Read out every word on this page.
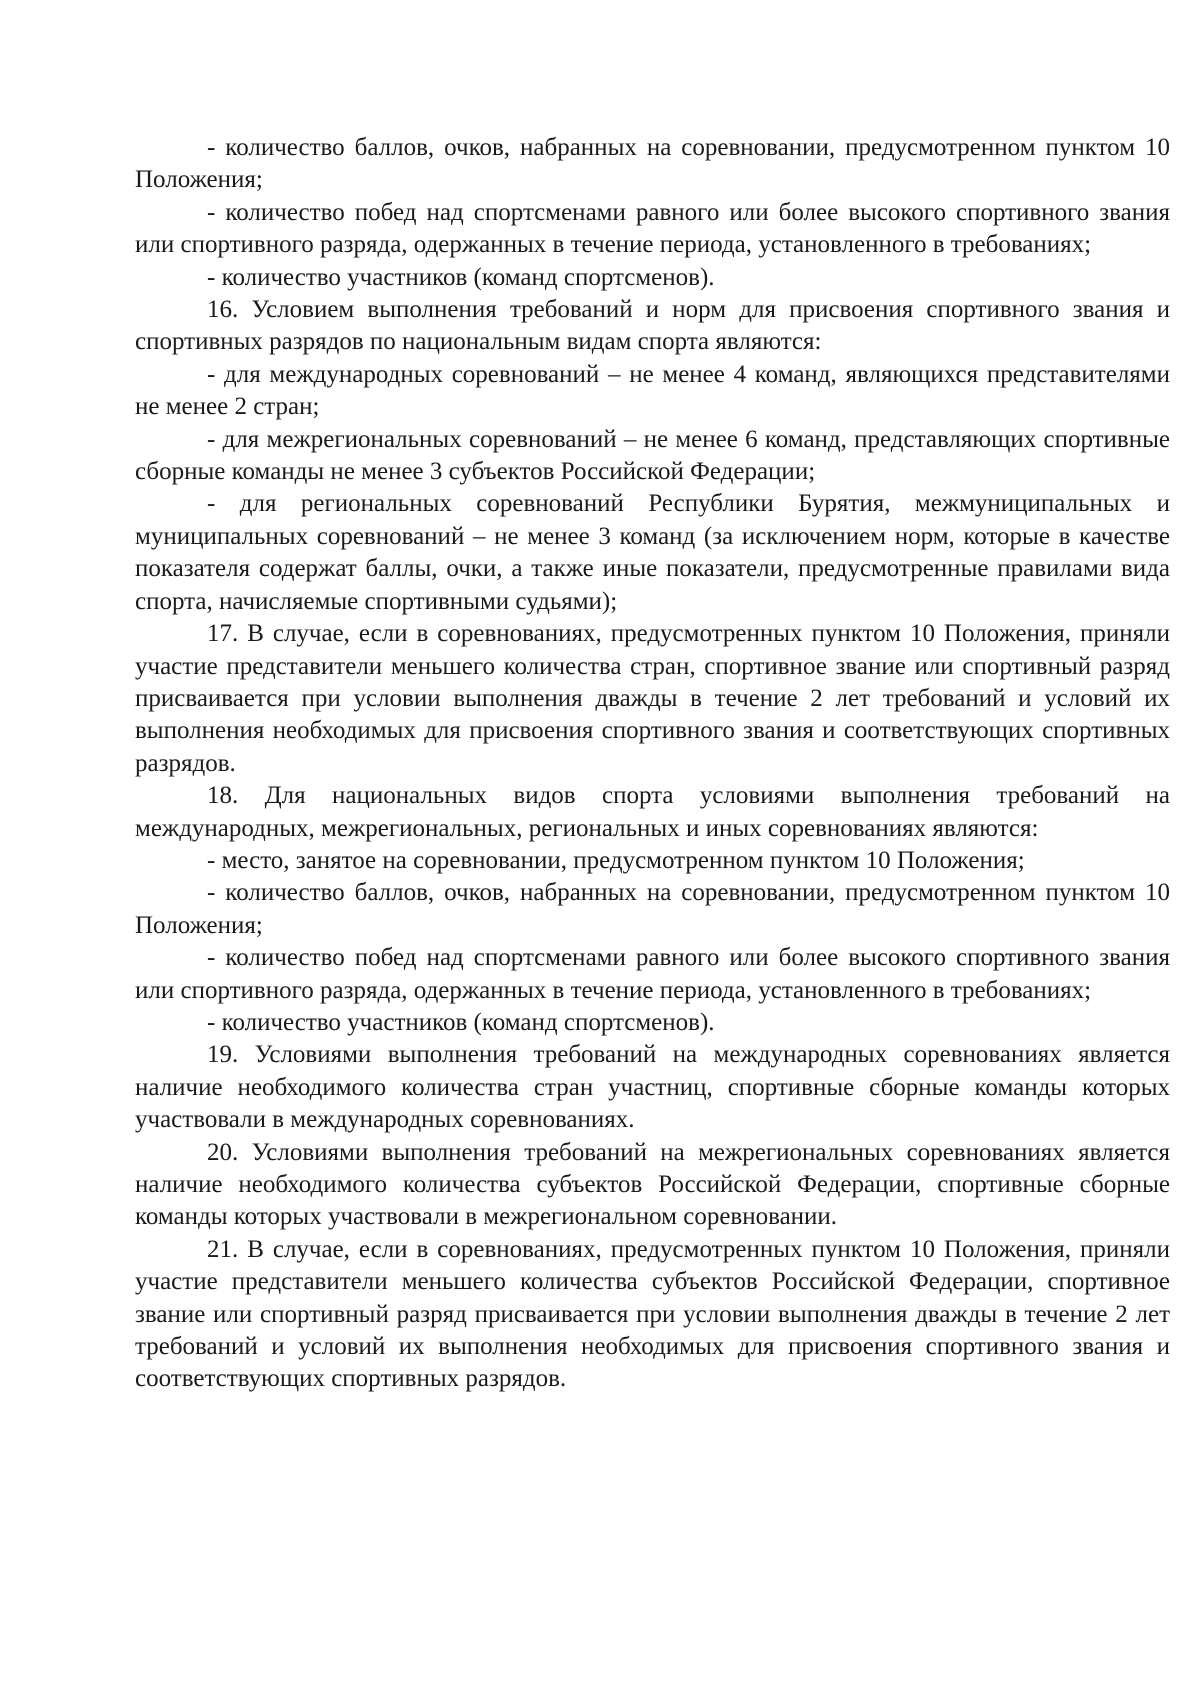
- количество баллов, очков, набранных на соревновании, предусмотренном пунктом 10 Положения;

- количество побед над спортсменами равного или более высокого спортивного звания или спортивного разряда, одержанных в течение периода, установленного в требованиях;

- количество участников (команд спортсменов).

16. Условием выполнения требований и норм для присвоения спортивного звания и спортивных разрядов по национальным видам спорта являются:

- для международных соревнований – не менее 4 команд, являющихся представителями не менее 2 стран;

- для межрегиональных соревнований – не менее 6 команд, представляющих спортивные сборные команды не менее 3 субъектов Российской Федерации;

- для региональных соревнований Республики Бурятия, межмуниципальных и муниципальных соревнований – не менее 3 команд (за исключением норм, которые в качестве показателя содержат баллы, очки, а также иные показатели, предусмотренные правилами вида спорта, начисляемые спортивными судьями);

17. В случае, если в соревнованиях, предусмотренных пунктом 10 Положения, приняли участие представители меньшего количества стран, спортивное звание или спортивный разряд присваивается при условии выполнения дважды в течение 2 лет требований и условий их выполнения необходимых для присвоения спортивного звания и соответствующих спортивных разрядов.

18. Для национальных видов спорта условиями выполнения требований на международных, межрегиональных, региональных и иных соревнованиях являются:

- место, занятое на соревновании, предусмотренном пунктом 10 Положения;

- количество баллов, очков, набранных на соревновании, предусмотренном пунктом 10 Положения;

- количество побед над спортсменами равного или более высокого спортивного звания или спортивного разряда, одержанных в течение периода, установленного в требованиях;

- количество участников (команд спортсменов).

19. Условиями выполнения требований на международных соревнованиях является наличие необходимого количества стран участниц, спортивные сборные команды которых участвовали в международных соревнованиях.

20. Условиями выполнения требований на межрегиональных соревнованиях является наличие необходимого количества субъектов Российской Федерации, спортивные сборные команды которых участвовали в межрегиональном соревновании.

21. В случае, если в соревнованиях, предусмотренных пунктом 10 Положения, приняли участие представители меньшего количества субъектов Российской Федерации, спортивное звание или спортивный разряд присваивается при условии выполнения дважды в течение 2 лет требований и условий их выполнения необходимых для присвоения спортивного звания и соответствующих спортивных разрядов.
